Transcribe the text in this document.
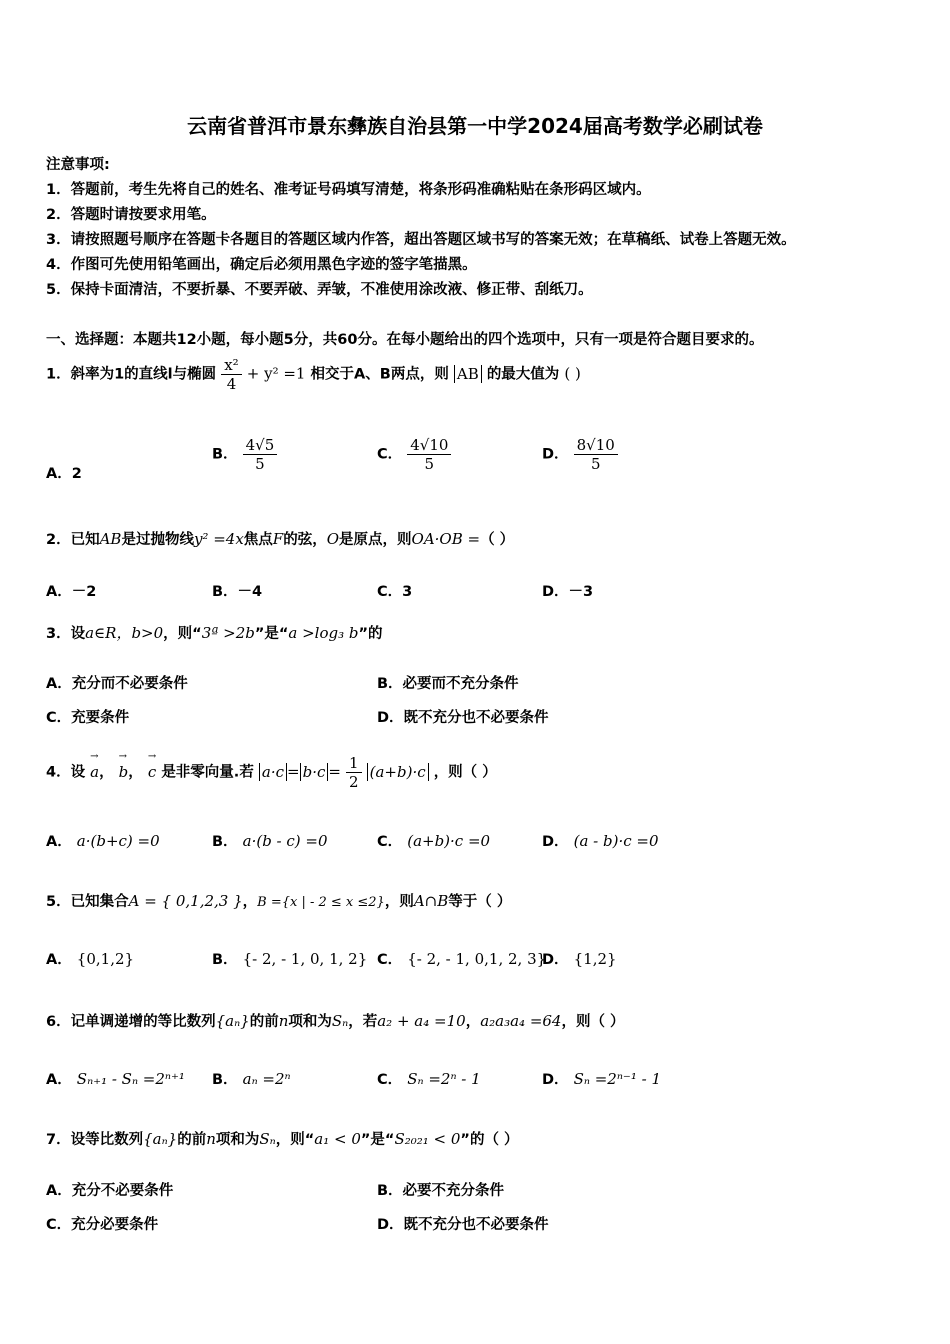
云南省普洱市景东彝族自治县第一中学2024届高考数学必刷试卷
注意事项:
1．答题前，考生先将自己的姓名、准考证号码填写清楚，将条形码准确粘贴在条形码区域内。
2．答题时请按要求用笔。
3．请按照题号顺序在答题卡各题目的答题区域内作答，超出答题区域书写的答案无效；在草稿纸、试卷上答题无效。
4．作图可先使用铅笔画出，确定后必须用黑色字迹的签字笔描黑。
5．保持卡面清洁，不要折暴、不要弄破、弄皱，不准使用涂改液、修正带、刮纸刀。
一、选择题：本题共12小题，每小题5分，共60分。在每小题给出的四个选项中，只有一项是符合题目要求的。
1．斜率为1的直线l与椭圆 $\frac{\text{x²}}{4} + y^2 =1$ 相交于A、B两点，则 AB 的最大值为 ( )
A．2
B． $\frac{4√5}{5}$	C． $\frac{4√10}{5}$	D． $\frac{8√10}{5}$
2．已知AB是过抛物线y² =4x焦点F的弦，O是原点，则OA·OB =（ ）
A．－2	B．－4	C．3	D．－3
3．设a∈R，b>0，则“3ª >2b”是“a >log₃ b”的
A．充分而不必要条件	B．必要而不充分条件
C．充要条件	D．既不充分也不必要条件
4．设 → a， → b， → c 是非零向量.若 $a\cdot c = b\cdot c = \frac{1}{2} (a+b)\cdot c$ ，则（ ）
A． a·(b+c) =0	B． a·(b - c) =0	C． (a+b)·c =0	D． (a - b)·c =0
5．已知集合A = { 0,1,2,3 }，B ={x | - 2 ≤ x ≤2}，则A∩B等于（ ）
A． {0,1,2}	B． {- 2, - 1, 0, 1, 2} C． {- 2, - 1, 0,1, 2, 3}
D． {1,2}
6．记单调递增的等比数列{aₙ}的前n项和为Sₙ，若a₂ + a₄ =10，a₂a₃a₄ =64，则（ ）
A． Sₙ₊₁ - Sₙ =2ⁿ⁺¹ B． aₙ =2ⁿ	C． Sₙ =2ⁿ - 1	D． Sₙ =2ⁿ⁻¹ - 1
7．设等比数列{aₙ}的前n项和为Sₙ，则“a₁ < 0”是“S₂₀₂₁ < 0”的（ ）
A．充分不必要条件	B．必要不充分条件
C．充分必要条件	D．既不充分也不必要条件
